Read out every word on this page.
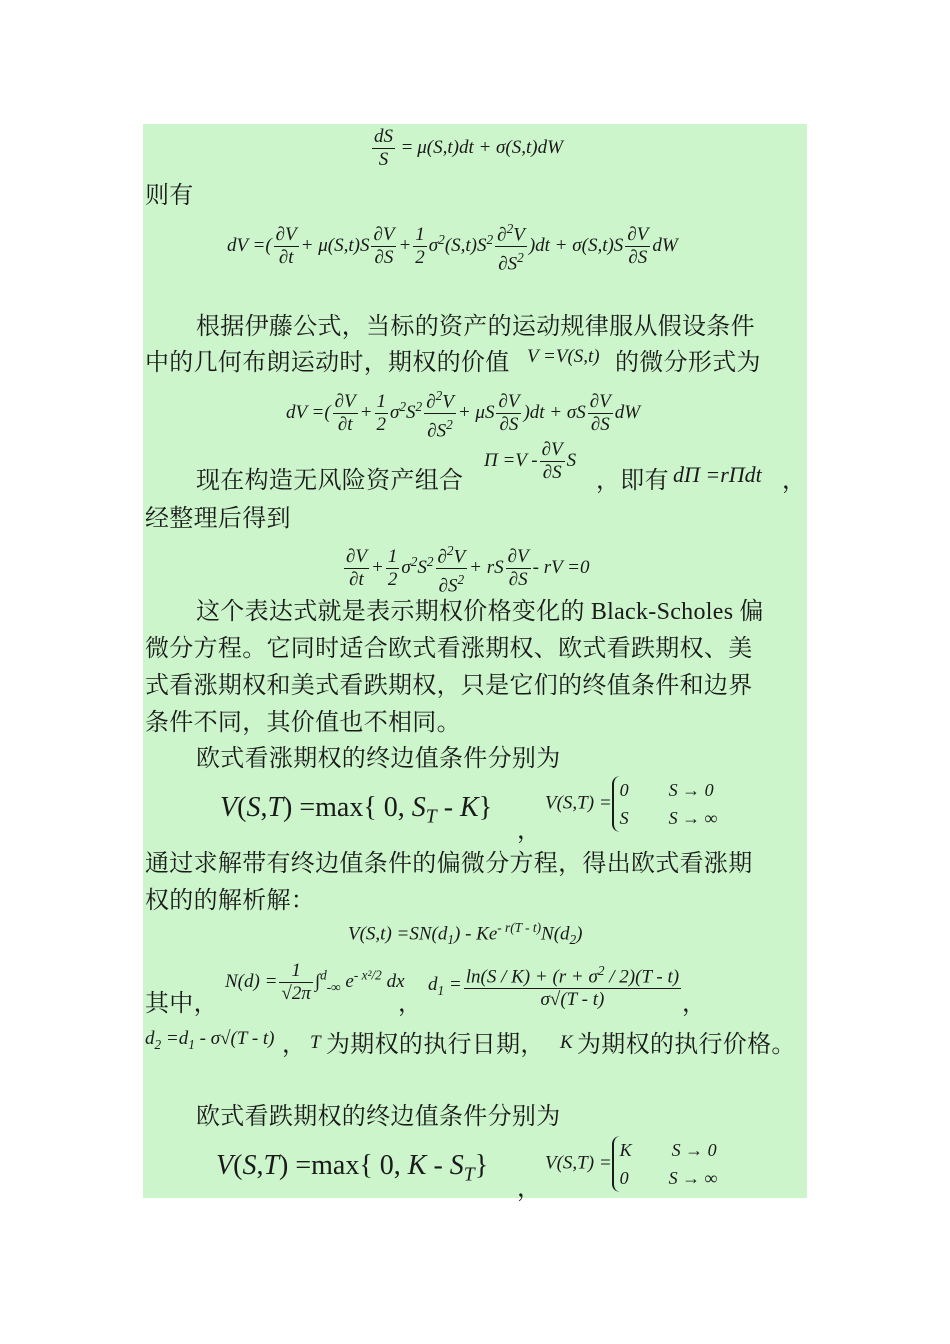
$\frac{dS}{S} = \mu(S,t)dt + \sigma(S,t)dW$
则有
dV =( $\frac{\partial V}{\partial t} + \mu(S,t)S \frac{\partial V}{\partial S} + \frac{1}{2} \sigma^2(S,t)S^2 \frac{\partial^2V}{\partial S^2} )dt + \sigma(S,t)S \frac{\partial V}{\partial S}$ dW
根据伊藤公式，当标的资产的运动规律服从假设条件
中的几何布朗运动时，期权的价值 V =V(S,t) 的微分形式为
dV =( $\frac{\partial V}{\partial t} + \frac{1}{2} \sigma^2S^2 \frac{\partial^2V}{\partial S^2} + \mu S \frac{\partial V}{\partial S} )dt + \sigma S \frac{\partial V}{\partial S}$ dW
现在构造无风险资产组合
$\Pi =V - \frac{\partial V}{\partial S}$ S
，即有 dΠ =rΠdt ，
经整理后得到
$\frac{\partial V}{\partial t} + \frac{1}{2} \sigma^2S^2 \frac{\partial^2V}{\partial S^2}$ + rS $\frac{\partial V}{\partial S}$ - rV =0
这个表达式就是表示期权价格变化的 Black-Scholes 偏
微分方程。它同时适合欧式看涨期权、欧式看跌期权、美
式看涨期权和美式看跌期权，只是它们的终值条件和边界
条件不同，其价值也不相同。
欧式看涨期权的终边值条件分别为
V(S,T) =max{ 0, $S_T - K$}
，
V(S,T) =
0 S → 0
S S → ∞
通过求解带有终边值条件的偏微分方程，得出欧式看涨期
权的的解析解：
$V(S,t) =SN(d_1) - Ke^{- r(T - t)}N(d_2)$
其中，
$N(d) = \frac{1}{√2\pi} \int^d_{-\infty}$ $e^{- x^2/2}$ dx
，
$d_1 = \frac{\ln(S / K) + (r + \sigma^2 / 2)(T - t)}{\sigma√(T - t)}$ ，
$d_2 =d_1 - \sigma√(T - t)$ ， T 为期权的执行日期， K 为期权的执行价格。
欧式看跌期权的终边值条件分别为
V(S,T) =max{ 0, K - $S_T$}
，
V(S,T) =
K S → 0
0 S → ∞
